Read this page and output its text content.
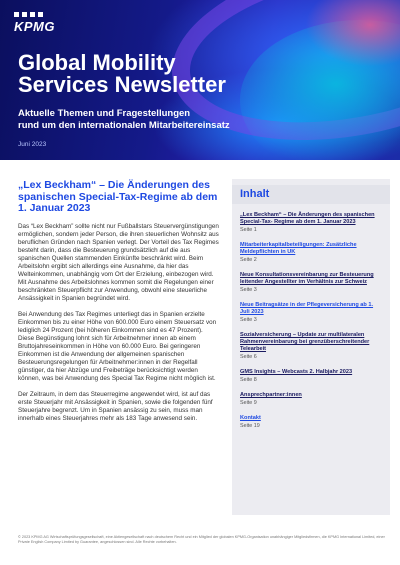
KPMG
Global Mobility
Services Newsletter
Aktuelle Themen und Fragestellungen
rund um den internationalen Mitarbeitereinsatz
Juni 2023
„Lex Beckham“ – Die Änderungen des spanischen Special-Tax-Regime ab dem 1. Januar 2023

Das “Lex Beckham” sollte nicht nur Fußballstars Steuervergünstigungen ermöglichen, sondern jeder Person, die ihren steuerlichen Wohnsitz aus beruflichen Gründen nach Spanien verlegt. Der Vorteil des Tax Regimes besteht darin, dass die Besteuerung grundsätzlich auf die aus spanischen Quellen stammenden Einkünfte beschränkt wird. Beim Arbeitslohn ergibt sich allerdings eine Ausnahme, da hier das Welteinkommen, unabhängig vom Ort der Erzielung, einbezogen wird. Mit Ausnahme des Arbeitslohnes kommen somit die Regelungen einer beschränkten Steuerpflicht zur Anwendung, obwohl eine steuerliche Ansässigkeit in Spanien begründet wird.

Bei Anwendung des Tax Regimes unterliegt das in Spanien erzielte Einkommen bis zu einer Höhe von 600.000 Euro einem Steuersatz von lediglich 24 Prozent (bei höheren Einkommen sind es 47 Prozent). Diese Begünstigung lohnt sich für Arbeitnehmer innen ab einem Bruttojahreseinkommen in Höhe von 60.000 Euro. Bei geringeren Einkommen ist die Anwendung der allgemeinen spanischen Besteuerungsregelungen für Arbeitnehmer:innen in der Regelfall günstiger, da hier Abzüge und Freibeträge berücksichtigt werden können, was bei Anwendung des Special Tax Regime nicht möglich ist.

Der Zeitraum, in dem das Steuerregime angewendet wird, ist auf das erste Steuerjahr mit Ansässigkeit in Spanien, sowie die folgenden fünf Steuerjahre begrenzt. Um in Spanien ansässig zu sein, muss man innerhalb eines Steuerjahres mehr als 183 Tage anwesend sein.

Inhalt
„Lex Beckham“ – Die Änderungen des spanischen Special-Tax- Regime ab dem 1. Januar 2023
Seite 1
Mitarbeiterkapitalbeteiligungen: Zusätzliche Meldepflichten in UK
Seite 2
Neue Konsultationsvereinbarung zur Besteuerung leitender Angestellter im Verhältnis zur Schweiz
Seite 3
Neue Beitragsätze in der Pflegeversicherung ab 1. Juli 2023
Seite 3
Sozialversicherung – Update zur multilateralen Rahmenvereinbarung bei grenzüberschreitender Telearbeit
Seite 6
GMS Insights – Webcasts 2. Halbjahr 2023
Seite 8
Ansprechpartner:innen
Seite 9
Kontakt
Seite 19
© 2023 KPMG AG Wirtschaftsprüfungsgesellschaft, eine Aktiengesellschaft nach deutschem Recht und ein Mitglied der globalen KPMG-Organisation unabhängiger Mitgliedsfirmen, die KPMG International Limited, einer Private English Company Limited by Guarantee, angeschlossen sind. Alle Rechte vorbehalten.
